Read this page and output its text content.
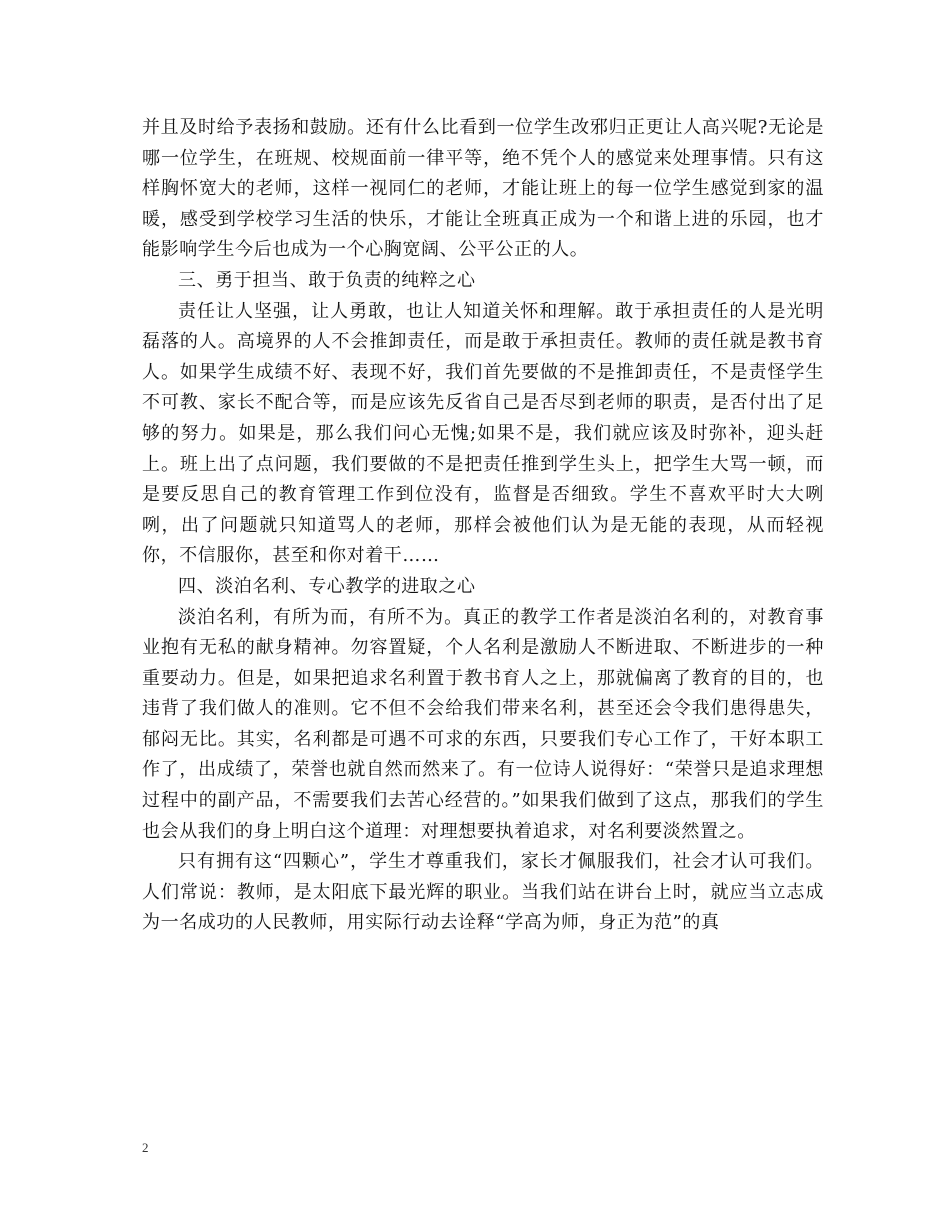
并且及时给予表扬和鼓励。还有什么比看到一位学生改邪归正更让人高兴呢?无论是哪一位学生，在班规、校规面前一律平等，绝不凭个人的感觉来处理事情。只有这样胸怀宽大的老师，这样一视同仁的老师，才能让班上的每一位学生感觉到家的温暖，感受到学校学习生活的快乐，才能让全班真正成为一个和谐上进的乐园，也才能影响学生今后也成为一个心胸宽阔、公平公正的人。

三、勇于担当、敢于负责的纯粹之心

责任让人坚强，让人勇敢，也让人知道关怀和理解。敢于承担责任的人是光明磊落的人。高境界的人不会推卸责任，而是敢于承担责任。教师的责任就是教书育人。如果学生成绩不好、表现不好，我们首先要做的不是推卸责任，不是责怪学生不可教、家长不配合等，而是应该先反省自己是否尽到老师的职责，是否付出了足够的努力。如果是，那么我们问心无愧;如果不是，我们就应该及时弥补，迎头赶上。班上出了点问题，我们要做的不是把责任推到学生头上，把学生大骂一顿，而是要反思自己的教育管理工作到位没有，监督是否细致。学生不喜欢平时大大咧咧，出了问题就只知道骂人的老师，那样会被他们认为是无能的表现，从而轻视你，不信服你，甚至和你对着干……

四、淡泊名利、专心教学的进取之心

淡泊名利，有所为而，有所不为。真正的教学工作者是淡泊名利的，对教育事业抱有无私的献身精神。勿容置疑，个人名利是激励人不断进取、不断进步的一种重要动力。但是，如果把追求名利置于教书育人之上，那就偏离了教育的目的，也违背了我们做人的准则。它不但不会给我们带来名利，甚至还会令我们患得患失，郁闷无比。其实，名利都是可遇不可求的东西，只要我们专心工作了，干好本职工作了，出成绩了，荣誉也就自然而然来了。有一位诗人说得好：“荣誉只是追求理想过程中的副产品，不需要我们去苦心经营的。”如果我们做到了这点，那我们的学生也会从我们的身上明白这个道理：对理想要执着追求，对名利要淡然置之。

只有拥有这“四颗心”，学生才尊重我们，家长才佩服我们，社会才认可我们。人们常说：教师，是太阳底下最光辉的职业。当我们站在讲台上时，就应当立志成为一名成功的人民教师，用实际行动去诠释“学高为师，身正为范”的真

2
